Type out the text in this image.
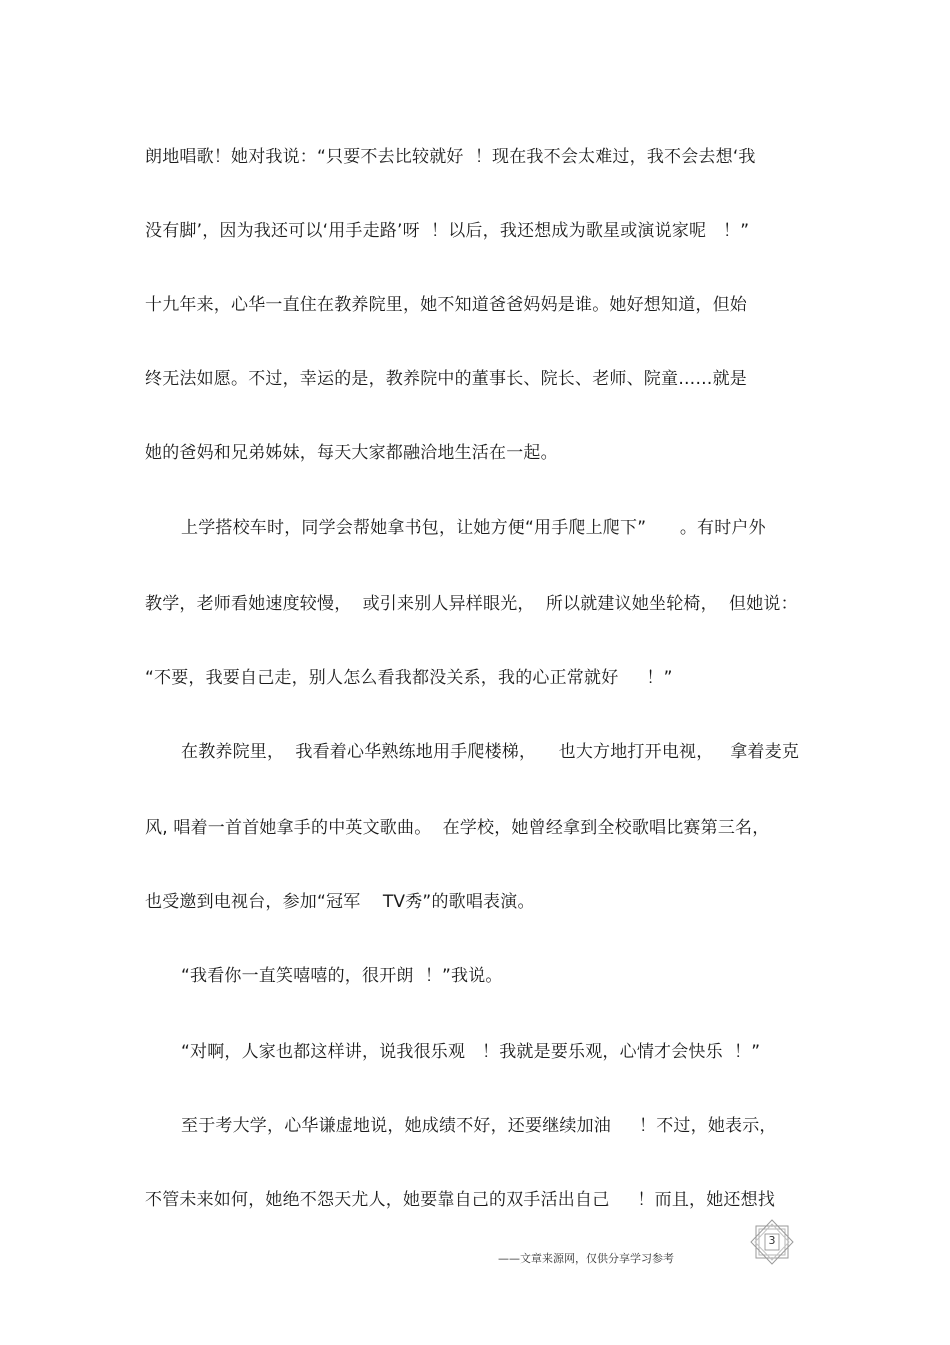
朗地唱歌！她对我说：“只要不去比较就好  ！现在我不会太难过，我不会去想‘我
没有脚’，因为我还可以‘用手走路’呀  ！以后，我还想成为歌星或演说家呢   ！”
十九年来，心华一直住在教养院里，她不知道爸爸妈妈是谁。她好想知道，但始
终无法如愿。不过，幸运的是，教养院中的董事长、院长、老师、院童……就是
她的爸妈和兄弟姊妹，每天大家都融洽地生活在一起。
上学搭校车时，同学会帮她拿书包，让她方便“用手爬上爬下”      。有时户外
教学，老师看她速度较慢，  或引来别人异样眼光，  所以就建议她坐轮椅，  但她说：
“不要，我要自己走，别人怎么看我都没关系，我的心正常就好     ！”
在教养院里，  我看着心华熟练地用手爬楼梯，    也大方地打开电视，   拿着麦克
风, 唱着一首首她拿手的中英文歌曲。  在学校，她曾经拿到全校歌唱比赛第三名，
也受邀到电视台，参加“冠军    TV秀”的歌唱表演。
“我看你一直笑嘻嘻的，很开朗  ！”我说。
“对啊，人家也都这样讲，说我很乐观   ！我就是要乐观，心情才会快乐  ！”
至于考大学，心华谦虚地说，她成绩不好，还要继续加油     ！不过，她表示，
不管未来如何，她绝不怨天尤人，她要靠自己的双手活出自己     ！而且，她还想找
3
——文章来源网，仅供分享学习参考
